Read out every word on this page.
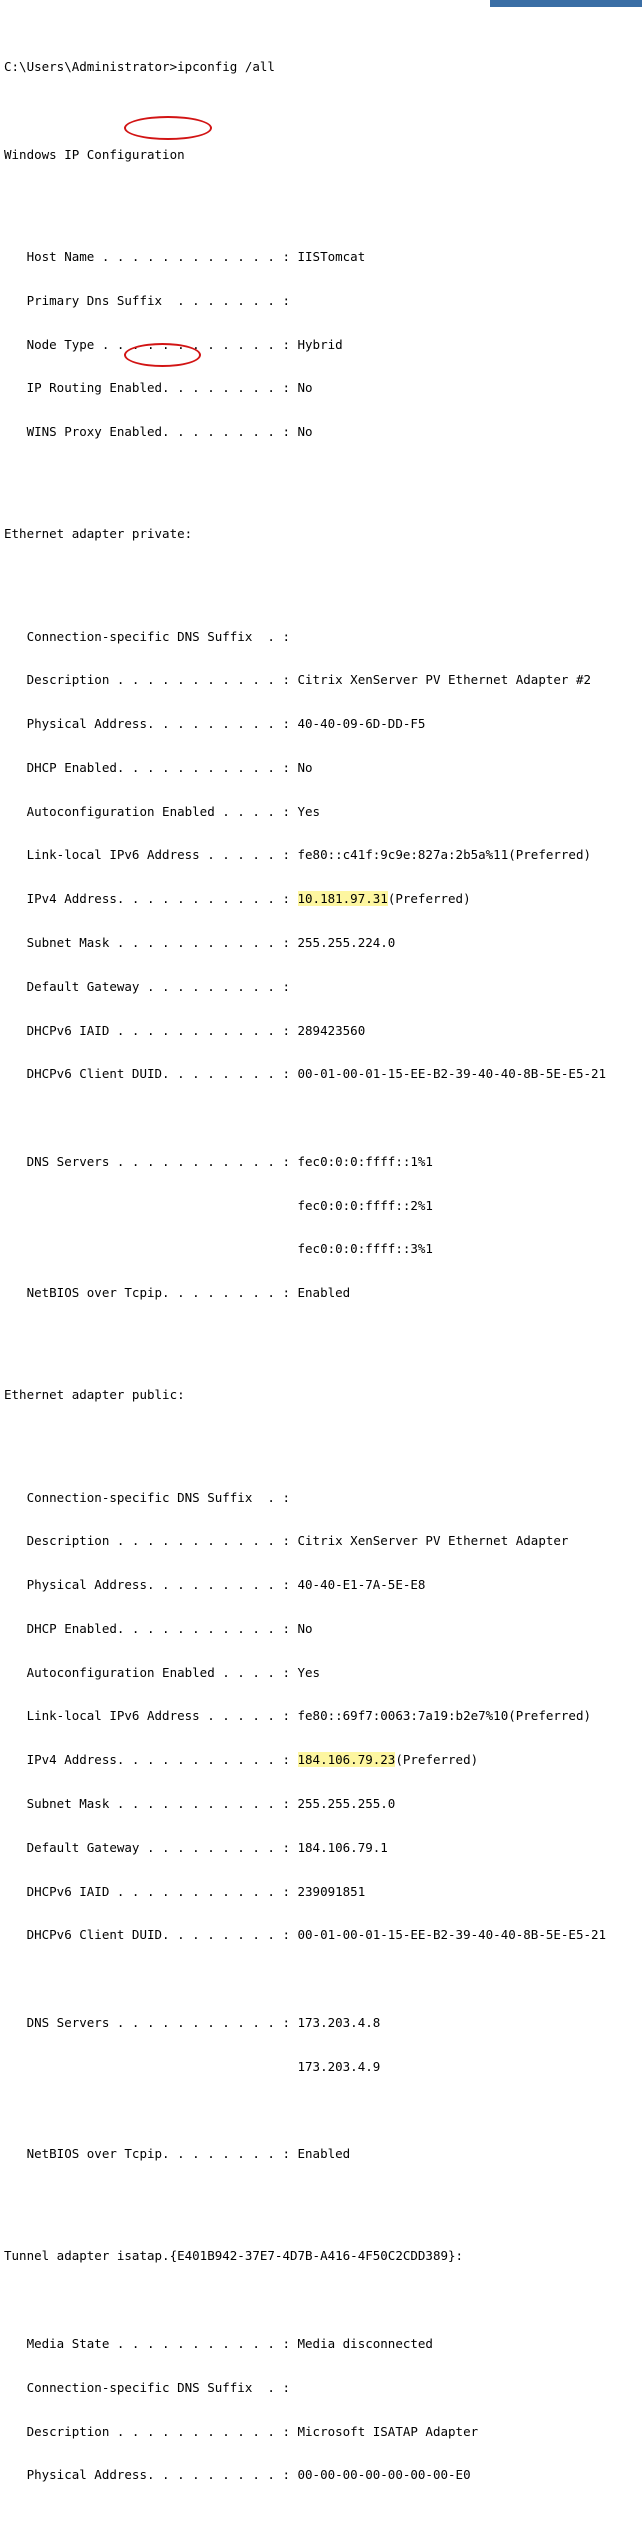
C:\Users\Administrator>ipconfig /all

Windows IP Configuration

Host Name . . . . . . . . . . . . : IISTomcat

Primary Dns Suffix  . . . . . . . :

Node Type . . . . . . . . . . . . : Hybrid

IP Routing Enabled. . . . . . . . : No

WINS Proxy Enabled. . . . . . . . : No

Ethernet adapter private:

Connection-specific DNS Suffix  . :

Description . . . . . . . . . . . : Citrix XenServer PV Ethernet Adapter #2

Physical Address. . . . . . . . . : 40-40-09-6D-DD-F5

DHCP Enabled. . . . . . . . . . . : No

Autoconfiguration Enabled . . . . : Yes

Link-local IPv6 Address . . . . . : fe80::c41f:9c9e:827a:2b5a%11(Preferred)

IPv4 Address. . . . . . . . . . . : 10.181.97.31(Preferred)

Subnet Mask . . . . . . . . . . . : 255.255.224.0

Default Gateway . . . . . . . . . :

DHCPv6 IAID . . . . . . . . . . . : 289423560

DHCPv6 Client DUID. . . . . . . . : 00-01-00-01-15-EE-B2-39-40-40-8B-5E-E5-21

DNS Servers . . . . . . . . . . . : fec0:0:0:ffff::1%1

fec0:0:0:ffff::2%1

fec0:0:0:ffff::3%1

NetBIOS over Tcpip. . . . . . . . : Enabled

Ethernet adapter public:

Connection-specific DNS Suffix  . :

Description . . . . . . . . . . . : Citrix XenServer PV Ethernet Adapter

Physical Address. . . . . . . . . : 40-40-E1-7A-5E-E8

DHCP Enabled. . . . . . . . . . . : No

Autoconfiguration Enabled . . . . : Yes

Link-local IPv6 Address . . . . . : fe80::69f7:0063:7a19:b2e7%10(Preferred)

IPv4 Address. . . . . . . . . . . : 184.106.79.23(Preferred)

Subnet Mask . . . . . . . . . . . : 255.255.255.0

Default Gateway . . . . . . . . . : 184.106.79.1

DHCPv6 IAID . . . . . . . . . . . : 239091851

DHCPv6 Client DUID. . . . . . . . : 00-01-00-01-15-EE-B2-39-40-40-8B-5E-E5-21

DNS Servers . . . . . . . . . . . : 173.203.4.8

173.203.4.9

NetBIOS over Tcpip. . . . . . . . : Enabled

Tunnel adapter isatap.{E401B942-37E7-4D7B-A416-4F50C2CDD389}:

Media State . . . . . . . . . . . : Media disconnected

Connection-specific DNS Suffix  . :

Description . . . . . . . . . . . : Microsoft ISATAP Adapter

Physical Address. . . . . . . . . : 00-00-00-00-00-00-00-E0
